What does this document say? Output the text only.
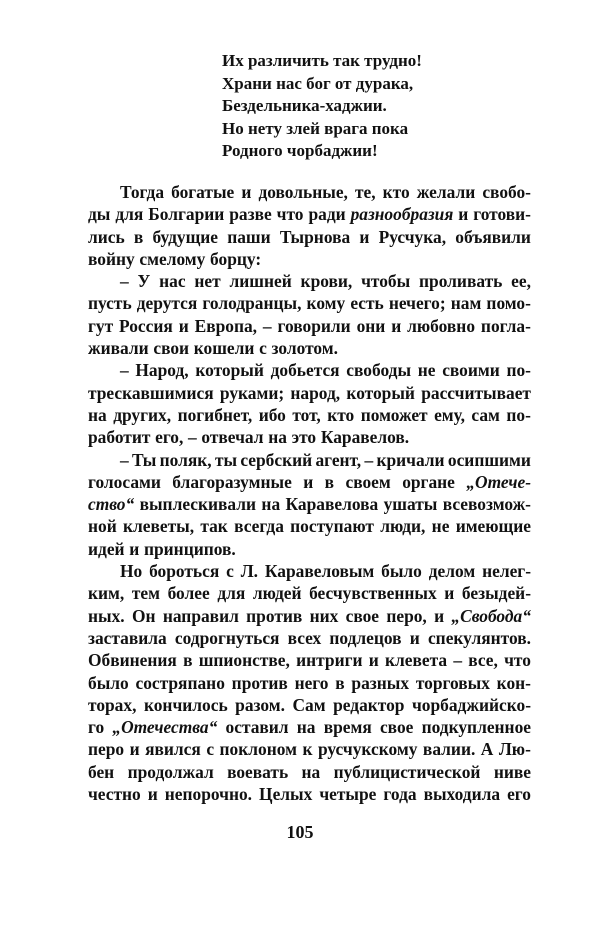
Их различить так трудно!
Храни нас бог от дурака,
Бездельника-хаджии.
Но нету злей врага пока
Родного чорбаджии!
Тогда богатые и довольные, те, кто желали свобо-
ды для Болгарии разве что ради разнообразия и готови-
лись в будущие паши Тырнова и Русчука, объявили
войну смелому борцу:
– У нас нет лишней крови, чтобы проливать ее,
пусть дерутся голодранцы, кому есть нечего; нам помо-
гут Россия и Европа, – говорили они и любовно погла-
живали свои кошели с золотом.
– Народ, который добьется свободы не своими по-
трескавшимися руками; народ, который рассчитывает
на других, погибнет, ибо тот, кто поможет ему, сам по-
работит его, – отвечал на это Каравелов.
– Ты поляк, ты сербский агент, – кричали осипшими
голосами благоразумные и в своем органе „Отече-
ство“ выплескивали на Каравелова ушаты всевозмож-
ной клеветы, так всегда поступают люди, не имеющие
идей и принципов.
Но бороться с Л. Каравеловым было делом нелег-
ким, тем более для людей бесчувственных и безыдей-
ных. Он направил против них свое перо, и „Свобода“
заставила содрогнуться всех подлецов и спекулянтов.
Обвинения в шпионстве, интриги и клевета – все, что
было состряпано против него в разных торговых кон-
торах, кончилось разом. Сам редактор чорбаджийско-
го „Отечества“ оставил на время свое подкупленное
перо и явился с поклоном к русчукскому валии. А Лю-
бен продолжал воевать на публицистической ниве
честно и непорочно. Целых четыре года выходила его
105
